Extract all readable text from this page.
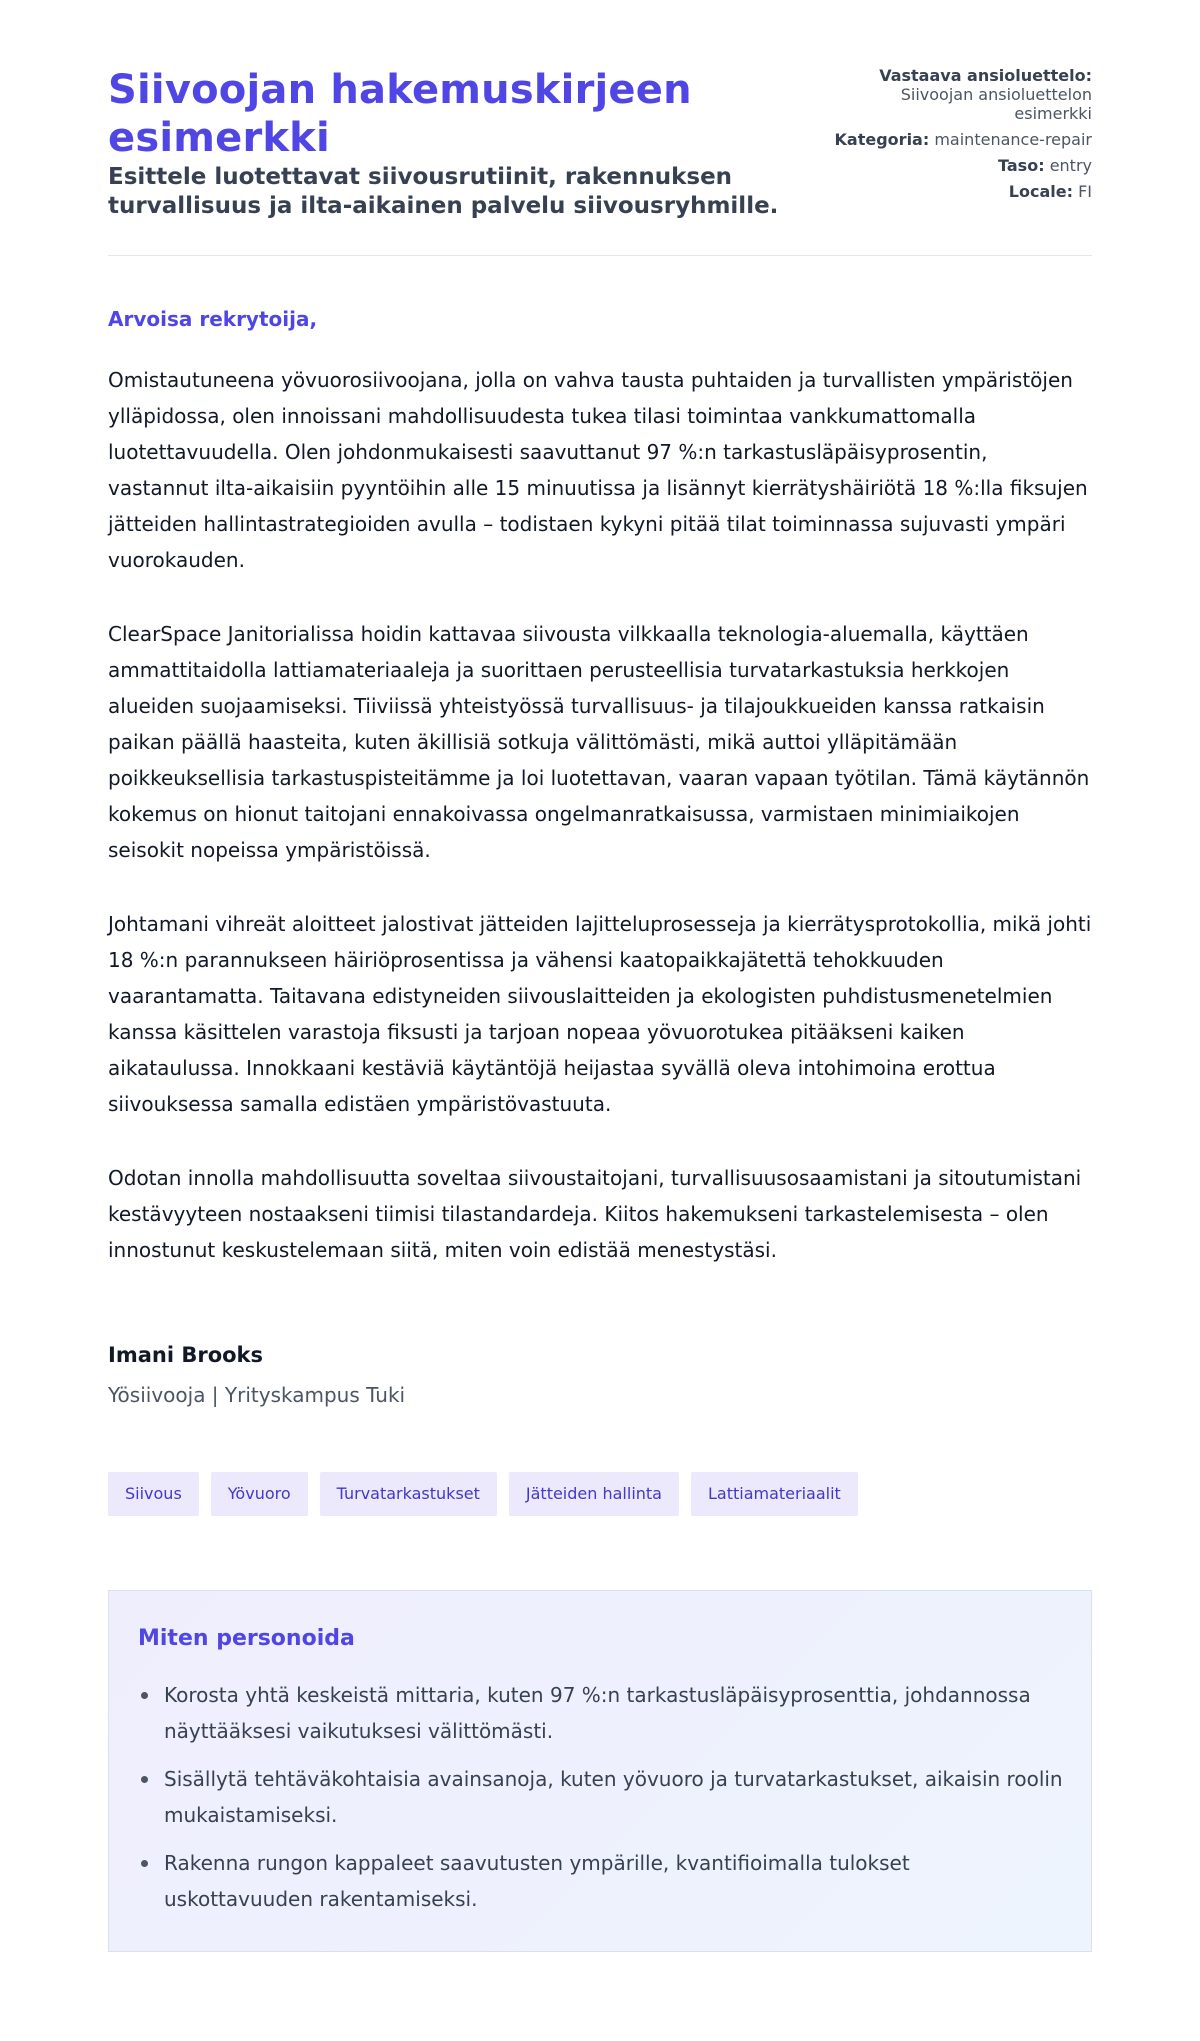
Siivoojan hakemuskirjeen esimerkki
Esittele luotettavat siivousrutiinit, rakennuksen turvallisuus ja ilta-aikainen palvelu siivousryhmille.
Vastaava ansioluettelo:
Siivoojan ansioluettelon esimerkki
Kategoria: maintenance-repair
Taso: entry
Locale: FI

Arvoisa rekrytoija,

Omistautuneena yövuorosiivoojana, jolla on vahva tausta puhtaiden ja turvallisten ympäristöjen ylläpidossa, olen innoissani mahdollisuudesta tukea tilasi toimintaa vankkumattomalla luotettavuudella. Olen johdonmukaisesti saavuttanut 97 %:n tarkastusläpäisyprosentin, vastannut ilta-aikaisiin pyyntöihin alle 15 minuutissa ja lisännyt kierrätyshäiriötä 18 %:lla fiksujen jätteiden hallintastrategioiden avulla – todistaen kykyni pitää tilat toiminnassa sujuvasti ympäri vuorokauden.

ClearSpace Janitorialissa hoidin kattavaa siivousta vilkkaalla teknologia-aluemalla, käyttäen ammattitaidolla lattiamateriaaleja ja suorittaen perusteellisia turvatarkastuksia herkkojen alueiden suojaamiseksi. Tiiviissä yhteistyössä turvallisuus- ja tilajoukkueiden kanssa ratkaisin paikan päällä haasteita, kuten äkillisiä sotkuja välittömästi, mikä auttoi ylläpitämään poikkeuksellisia tarkastuspisteitämme ja loi luotettavan, vaaran vapaan työtilan. Tämä käytännön kokemus on hionut taitojani ennakoivassa ongelmanratkaisussa, varmistaen minimiaikojen seisokit nopeissa ympäristöissä.

Johtamani vihreät aloitteet jalostivat jätteiden lajitteluprosesseja ja kierrätysprotokollia, mikä johti 18 %:n parannukseen häiriöprosentissa ja vähensi kaatopaikkajätettä tehokkuuden vaarantamatta. Taitavana edistyneiden siivouslaitteiden ja ekologisten puhdistusmenetelmien kanssa käsittelen varastoja fiksusti ja tarjoan nopeaa yövuorotukea pitääkseni kaiken aikataulussa. Innokkaani kestäviä käytäntöjä heijastaa syvällä oleva intohimoina erottua siivouksessa samalla edistäen ympäristövastuuta.

Odotan innolla mahdollisuutta soveltaa siivoustaitojani, turvallisuusosaamistani ja sitoutumistani kestävyyteen nostaakseni tiimisi tilastandardeja. Kiitos hakemukseni tarkastelemisesta – olen innostunut keskustelemaan siitä, miten voin edistää menestystäsi.

Imani Brooks
Yösiivooja | Yrityskampus Tuki
Siivous	Yövuoro	Turvatarkastukset	Jätteiden hallinta	Lattiamateriaalit
Miten personoida
Korosta yhtä keskeistä mittaria, kuten 97 %:n tarkastusläpäisyprosenttia, johdannossa näyttääksesi vaikutuksesi välittömästi.
Sisällytä tehtäväkohtaisia avainsanoja, kuten yövuoro ja turvatarkastukset, aikaisin roolin mukaistamiseksi.
Rakenna rungon kappaleet saavutusten ympärille, kvantifioimalla tulokset uskottavuuden rakentamiseksi.
